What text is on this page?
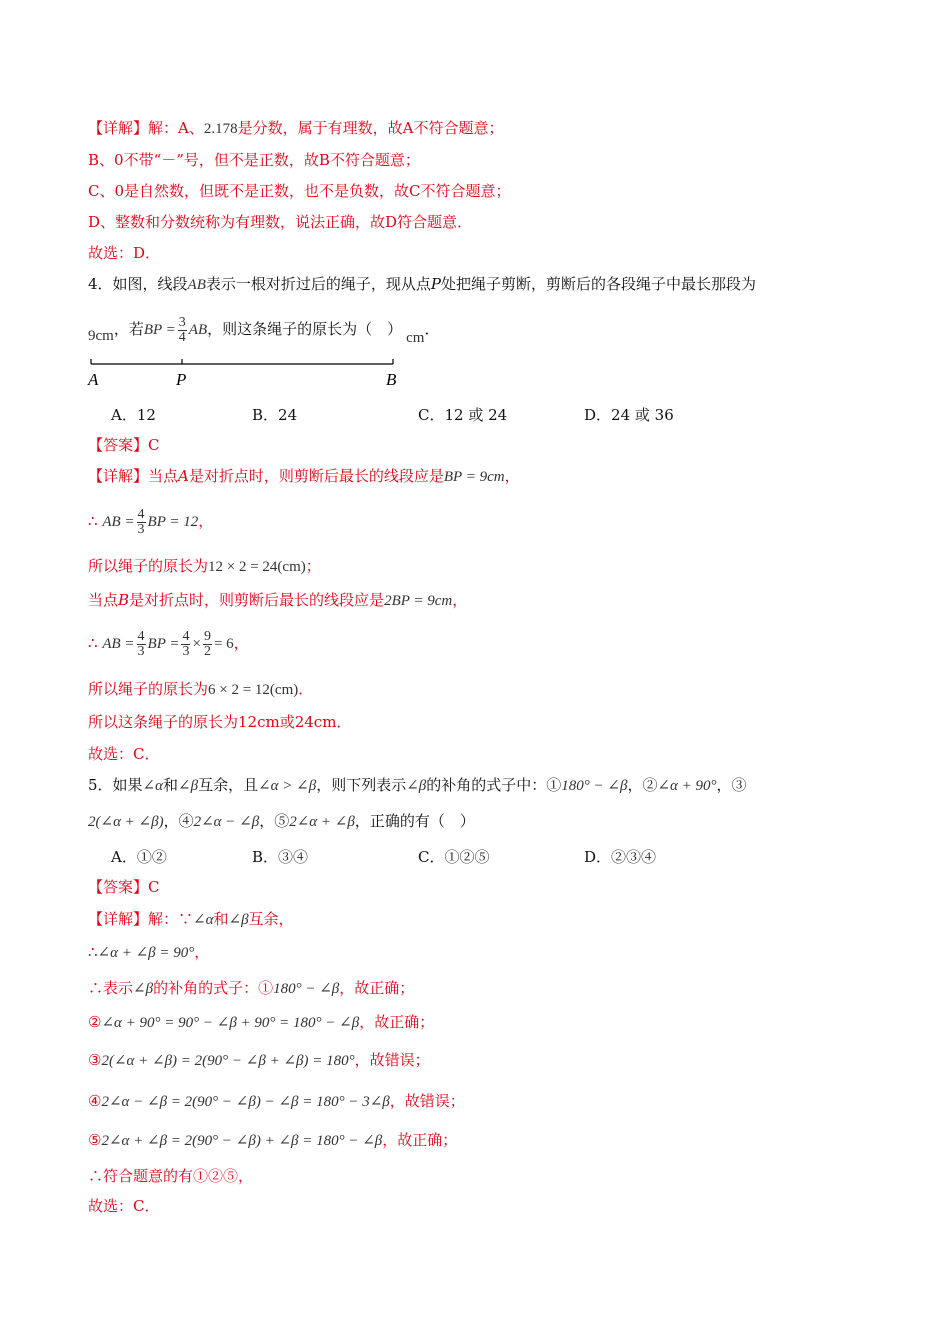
【详解】解：A、2.178是分数，属于有理数，故A不符合题意；
B、0不带“－”号，但不是正数，故B不符合题意；
C、0是自然数，但既不是正数，也不是负数，故C不符合题意；
D、整数和分数统称为有理数，说法正确，故D符合题意．
故选：D．
4．如图，线段AB表示一根对折过后的绳子，现从点P处把绳子剪断，剪断后的各段绳子中最长那段为
9cm，若BP = $\frac{3}{4}$ AB，则这条绳子的原长为（　） cm．
A	P	B
A．12	B．24	C．12 或 24	D．24 或 36
【答案】C
【详解】当点A是对折点时，则剪断后最长的线段应是BP = 9cm，
∴ AB = $\frac{4}{3}$ BP = 12，
所以绳子的原长为12 × 2 = 24(cm)；
当点B是对折点时，则剪断后最长的线段应是2BP = 9cm，
∴ AB = $\frac{4}{3}$ BP = $\frac{4}{3} \times \frac{9}{2} = 6$，
所以绳子的原长为6 × 2 = 12(cm)．
所以这条绳子的原长为12cm或24cm．
故选：C．
5．如果∠α和∠β互余，且∠α > ∠β，则下列表示∠β的补角的式子中：①180° − ∠β，②∠α + 90°，③
2(∠α + ∠β)，④2∠α − ∠β，⑤2∠α + ∠β，正确的有（　）
A．①②	B．③④	C．①②⑤	D．②③④
【答案】C
【详解】解：∵∠α和∠β互余，
∴∠α + ∠β = 90°，
∴表示∠β的补角的式子：①180° − ∠β，故正确；
②∠α + 90° = 90° − ∠β + 90° = 180° − ∠β，故正确；
③2(∠α + ∠β) = 2(90° − ∠β + ∠β) = 180°，故错误；
④2∠α − ∠β = 2(90° − ∠β) − ∠β = 180° − 3∠β，故错误；
⑤2∠α + ∠β = 2(90° − ∠β) + ∠β = 180° − ∠β，故正确；
∴符合题意的有①②⑤，
故选：C．
